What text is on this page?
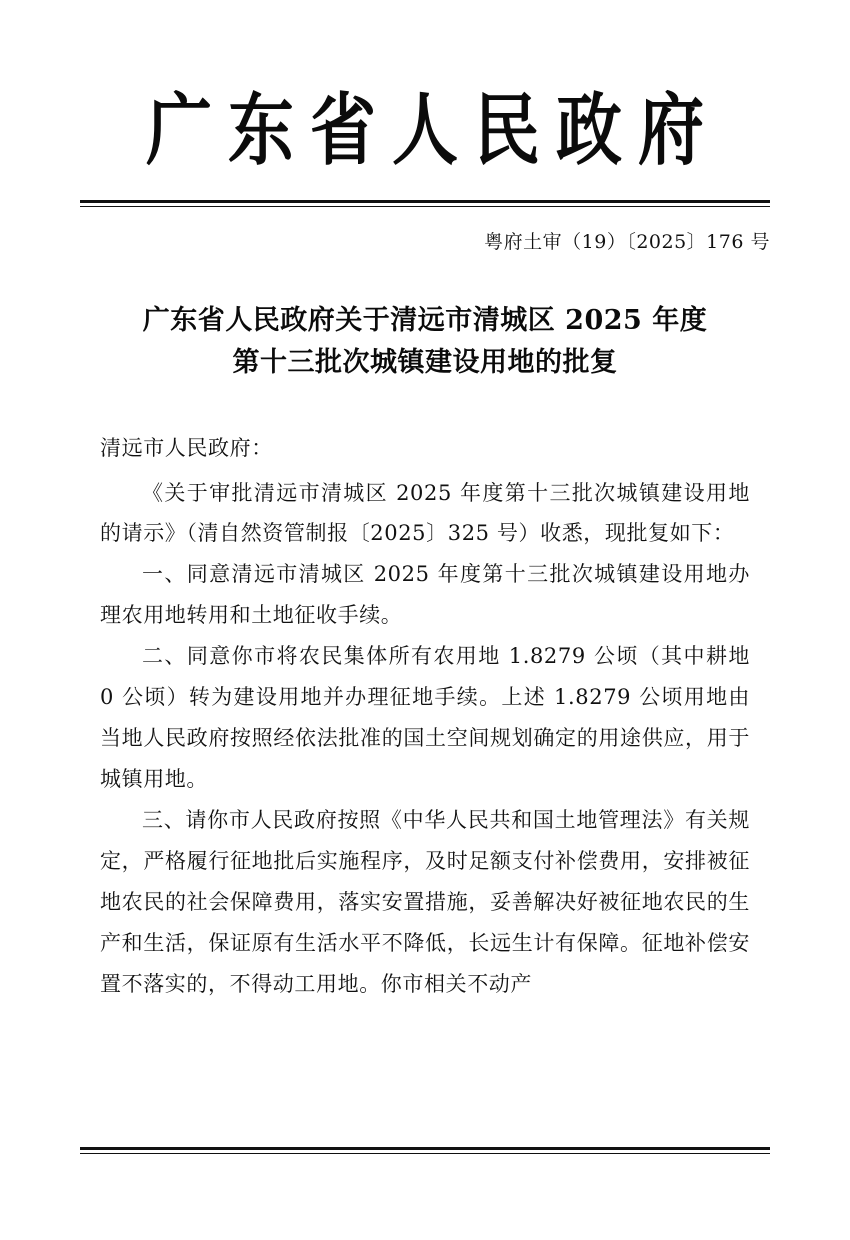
广东省人民政府
粤府土审（19）〔2025〕176 号
广东省人民政府关于清远市清城区 2025 年度
第十三批次城镇建设用地的批复

清远市人民政府：

《关于审批清远市清城区 2025 年度第十三批次城镇建设用地的请示》（清自然资管制报〔2025〕325 号）收悉，现批复如下：

一、同意清远市清城区 2025 年度第十三批次城镇建设用地办理农用地转用和土地征收手续。

二、同意你市将农民集体所有农用地 1.8279 公顷（其中耕地 0 公顷）转为建设用地并办理征地手续。上述 1.8279 公顷用地由当地人民政府按照经依法批准的国土空间规划确定的用途供应，用于城镇用地。

三、请你市人民政府按照《中华人民共和国土地管理法》有关规定，严格履行征地批后实施程序，及时足额支付补偿费用，安排被征地农民的社会保障费用，落实安置措施，妥善解决好被征地农民的生产和生活，保证原有生活水平不降低，长远生计有保障。征地补偿安置不落实的，不得动工用地。你市相关不动产
